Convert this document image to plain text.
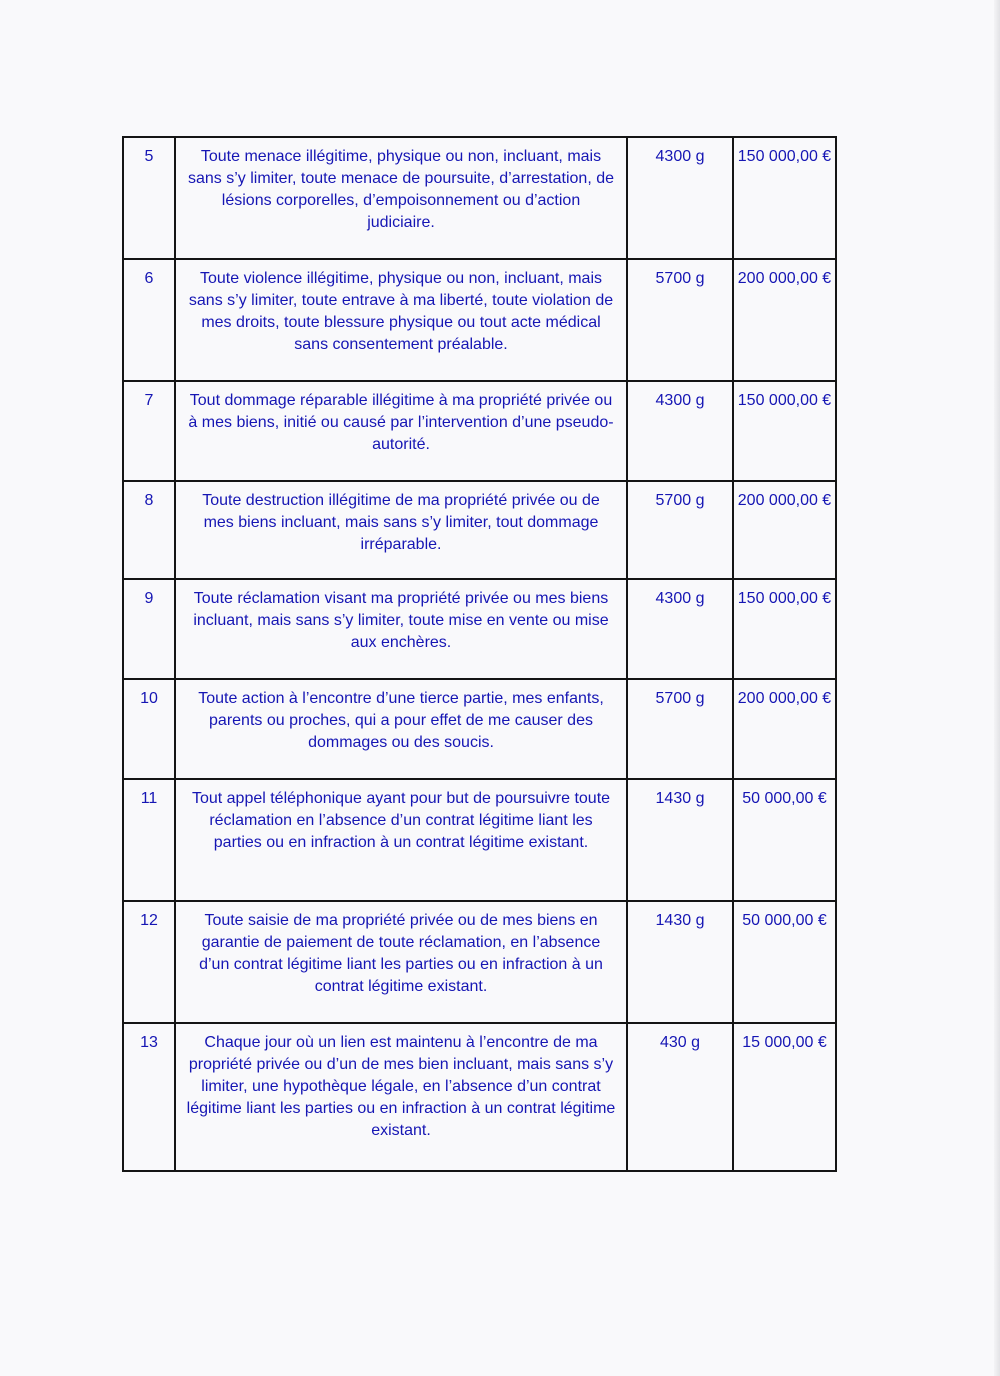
5	Toute menace illégitime, physique ou non, incluant, mais sans s’y limiter, toute menace de poursuite, d’arrestation, de lésions corporelles, d’empoisonnement ou d’action judiciaire.	4300 g	150 000,00 €
6	Toute violence illégitime, physique ou non, incluant, mais sans s’y limiter, toute entrave à ma liberté, toute violation de mes droits, toute blessure physique ou tout acte médical sans consentement préalable.	5700 g	200 000,00 €
7	Tout dommage réparable illégitime à ma propriété privée ou à mes biens, initié ou causé par l’intervention d’une pseudo-autorité.	4300 g	150 000,00 €
8	Toute destruction illégitime de ma propriété privée ou de mes biens incluant, mais sans s’y limiter, tout dommage irréparable.	5700 g	200 000,00 €
9	Toute réclamation visant ma propriété privée ou mes biens incluant, mais sans s’y limiter, toute mise en vente ou mise aux enchères.	4300 g	150 000,00 €
10	Toute action à l’encontre d’une tierce partie, mes enfants, parents ou proches, qui a pour effet de me causer des dommages ou des soucis.	5700 g	200 000,00 €
11	Tout appel téléphonique ayant pour but de poursuivre toute réclamation en l’absence d’un contrat légitime liant les parties ou en infraction à un contrat légitime existant.	1430 g	50 000,00 €
12	Toute saisie de ma propriété privée ou de mes biens en garantie de paiement de toute réclamation, en l’absence d’un contrat légitime liant les parties ou en infraction à un contrat légitime existant.	1430 g	50 000,00 €
13	Chaque jour où un lien est maintenu à l’encontre de ma propriété privée ou d’un de mes bien incluant, mais sans s’y limiter, une hypothèque légale, en l’absence d’un contrat légitime liant les parties ou en infraction à un contrat légitime existant.	430 g	15 000,00 €
